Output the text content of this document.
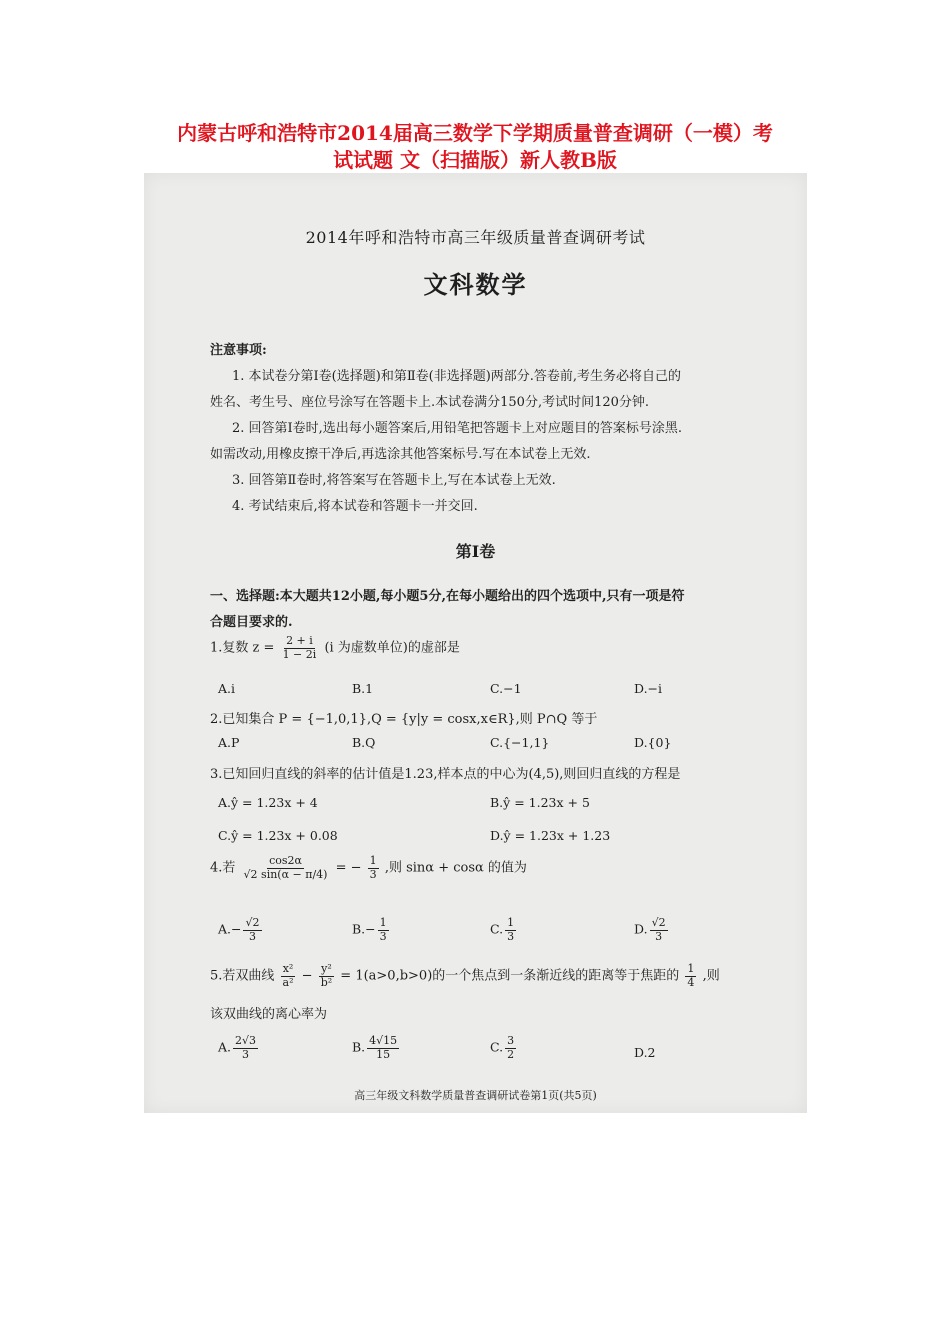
内蒙古呼和浩特市2014届高三数学下学期质量普查调研（一模）考
试试题 文（扫描版）新人教B版
2014年呼和浩特市高三年级质量普查调研考试
文科数学
注意事项:
1. 本试卷分第Ⅰ卷(选择题)和第Ⅱ卷(非选择题)两部分.答卷前,考生务必将自己的
姓名、考生号、座位号涂写在答题卡上.本试卷满分150分,考试时间120分钟.
2. 回答第Ⅰ卷时,选出每小题答案后,用铅笔把答题卡上对应题目的答案标号涂黑.
如需改动,用橡皮擦干净后,再选涂其他答案标号.写在本试卷上无效.
3. 回答第Ⅱ卷时,将答案写在答题卡上,写在本试卷上无效.
4. 考试结束后,将本试卷和答题卡一并交回.
第Ⅰ卷
一、选择题:本大题共12小题,每小题5分,在每小题给出的四个选项中,只有一项是符
合题目要求的.
1.复数 $z = \frac{2 + i}{1 - 2i} (i$ 为虚数单位)的虚部是
A.i	B.1	C.−1	D.−i
2.已知集合 P = {−1,0,1},Q = {y|y = cosx,x∈R},则 P∩Q 等于
A.P	B.Q	C.{−1,1}	D.{0}
3.已知回归直线的斜率的估计值是1.23,样本点的中心为(4,5),则回归直线的方程是
A.ŷ = 1.23x + 4	B.ŷ = 1.23x + 5
C.ŷ = 1.23x + 0.08	D.ŷ = 1.23x + 1.23
4.若 $\frac{\cos 2\alpha}{√2 \sin(\alpha - \pi/4)}$ = − $\frac{1}{3}$ ,则 sinα + cosα 的值为
$A.- \frac{√2}{3}$	$B.- \frac{1}{3}$	C. $\frac{1}{3}$	D. $\frac{√2}{3}$
5.若双曲线 $\frac{\text{x²}}{\text{a²}} - \frac{\text{y²}}{\text{b²}} = 1(a>0,b>0)$的一个焦点到一条渐近线的距离等于焦距的 $\frac{1}{4}$ ,则
该双曲线的离心率为
A. $\frac{2√3}{3}$	B. $\frac{4√15}{15}$	C. $\frac{3}{2}$	D.2
高三年级文科数学质量普查调研试卷第1页(共5页)
